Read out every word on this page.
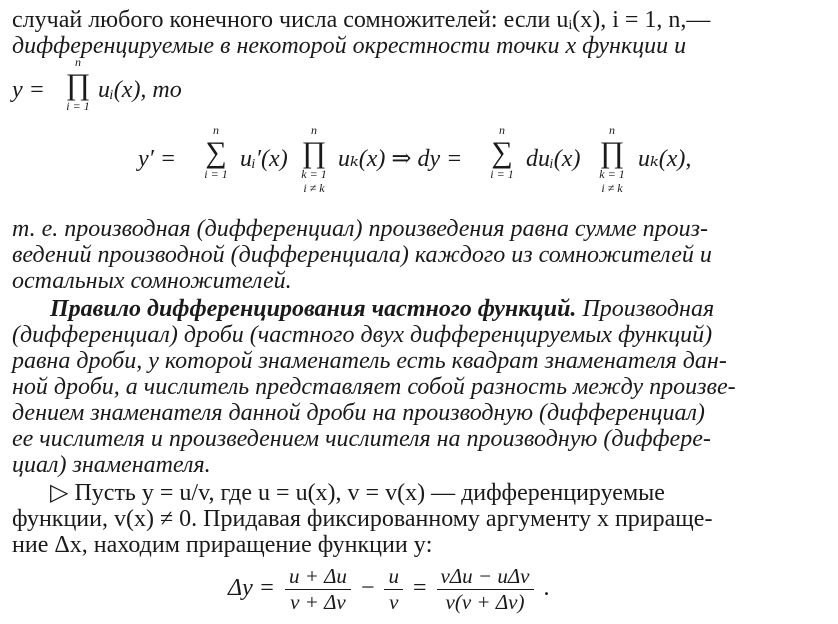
случай любого конечного числа сомножителей: если uᵢ(x), i = 1, n,—
дифференцируемые в некоторой окрестности точки x функции и
y =
n
∏
i = 1
uᵢ(x), то
y′ =
n
∑
i = 1
uᵢ′(x)
n
∏
k = 1
i ≠ k
uₖ(x) ⇒ dy =
n
∑
i = 1
duᵢ(x)
n
∏
k = 1
i ≠ k
uₖ(x),
т. е. производная (дифференциал) произведения равна сумме произ-
ведений производной (дифференциала) каждого из сомножителей и
остальных сомножителей.
Правило дифференцирования частного функций. Производная
(дифференциал) дроби (частного двух дифференцируемых функций)
равна дроби, у которой знаменатель есть квадрат знаменателя дан-
ной дроби, а числитель представляет собой разность между произве-
дением знаменателя данной дроби на производную (дифференциал)
ее числителя и произведением числителя на производную (диффере-
циал) знаменателя.
▷ Пусть y = u/v, где u = u(x), v = v(x) — дифференцируемые
функции, v(x) ≠ 0. Придавая фиксированному аргументу x прираще-
ние Δx, находим приращение функции y:
$\Delta y = \frac{u + \Delta u}{v + \Delta v} - \frac{u}{v} = \frac{\text{vΔu − uΔv}}{v(v + \Delta v)}$ .
